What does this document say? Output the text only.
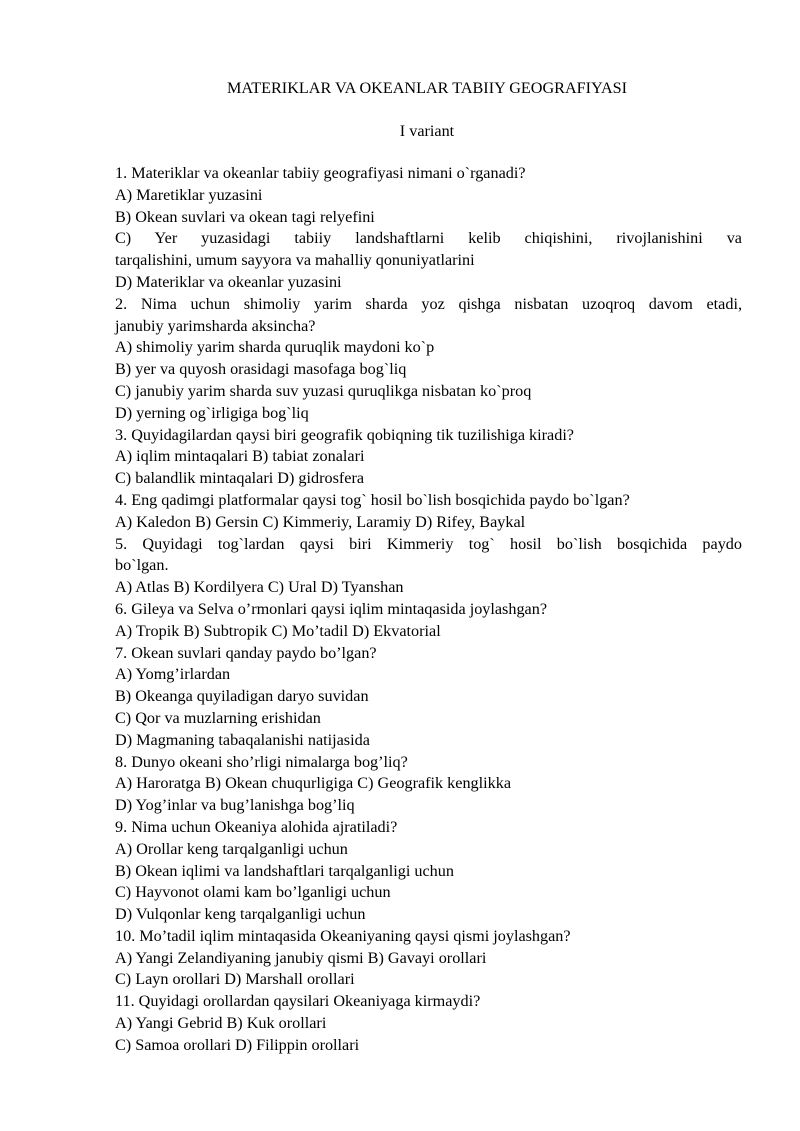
MATERIKLAR VA OKEANLAR TABIIY GEOGRAFIYASI
I variant
1. Materiklar va okeanlar tabiiy geografiyasi nimani o`rganadi?
A) Maretiklar yuzasini
B) Okean suvlari va okean tagi relyefini
C) Yer yuzasidagi tabiiy landshaftlarni kelib chiqishini, rivojlanishini va
tarqalishini, umum sayyora va mahalliy qonuniyatlarini
D) Materiklar va okeanlar yuzasini
2. Nima uchun shimoliy yarim sharda yoz qishga nisbatan uzoqroq davom etadi,
janubiy yarimsharda aksincha?
A) shimoliy yarim sharda quruqlik maydoni ko`p
B) yer va quyosh orasidagi masofaga bog`liq
C) janubiy yarim sharda suv yuzasi quruqlikga nisbatan ko`proq
D) yerning og`irligiga bog`liq
3. Quyidagilardan qaysi biri geografik qobiqning tik tuzilishiga kiradi?
A) iqlim mintaqalari B) tabiat zonalari
C) balandlik mintaqalari D) gidrosfera
4. Eng qadimgi platformalar qaysi tog` hosil bo`lish bosqichida paydo bo`lgan?
A) Kaledon B) Gersin C) Kimmeriy, Laramiy D) Rifey, Baykal
5. Quyidagi tog`lardan qaysi biri Kimmeriy tog` hosil bo`lish bosqichida paydo
bo`lgan.
A) Atlas B) Kordilyera C) Ural D) Tyanshan
6. Gileya va Selva o’rmonlari qaysi iqlim mintaqasida joylashgan?
A) Tropik B) Subtropik C) Mo’tadil D) Ekvatorial
7. Okean suvlari qanday paydo bo’lgan?
A) Yomg’irlardan
B) Okeanga quyiladigan daryo suvidan
C) Qor va muzlarning erishidan
D) Magmaning tabaqalanishi natijasida
8. Dunyo okeani sho’rligi nimalarga bog’liq?
A) Haroratga B) Okean chuqurligiga C) Geografik kenglikka
D) Yog’inlar va bug’lanishga bog’liq
9. Nima uchun Okeaniya alohida ajratiladi?
A) Orollar keng tarqalganligi uchun
B) Okean iqlimi va landshaftlari tarqalganligi uchun
C) Hayvonot olami kam bo’lganligi uchun
D) Vulqonlar keng tarqalganligi uchun
10. Mo’tadil iqlim mintaqasida Okeaniyaning qaysi qismi joylashgan?
A) Yangi Zelandiyaning janubiy qismi B) Gavayi orollari
C) Layn orollari D) Marshall orollari
11. Quyidagi orollardan qaysilari Okeaniyaga kirmaydi?
A) Yangi Gebrid B) Kuk orollari
C) Samoa orollari D) Filippin orollari
